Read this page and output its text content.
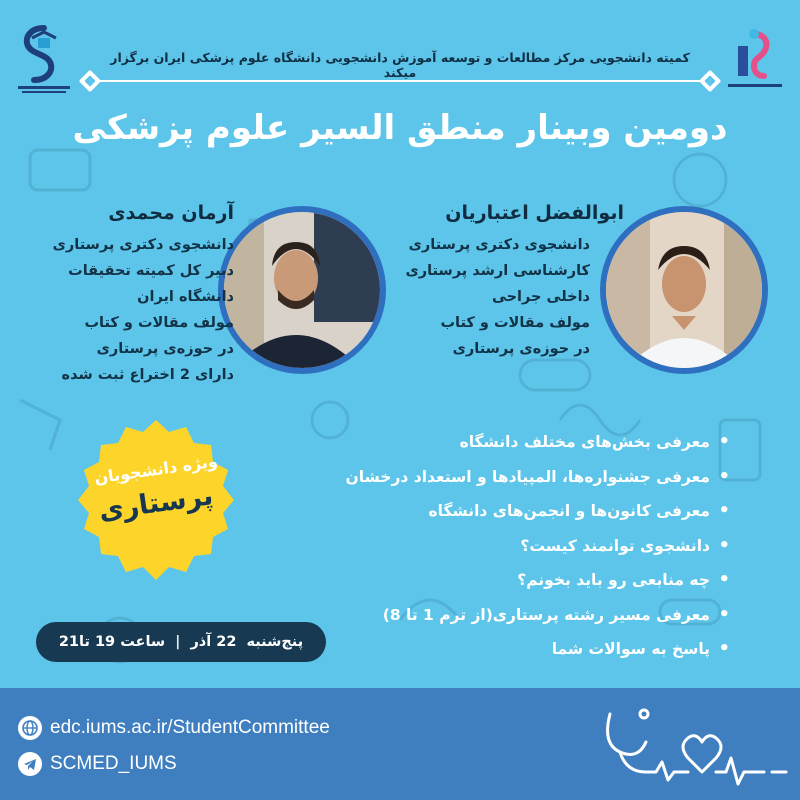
کمیته دانشجویی مرکز مطالعات و توسعه آموزش دانشجویی دانشگاه علوم پزشکی ایران برگزار میکند
دومین وبینار منطق السیر علوم پزشکی
ابوالفضل اعتباریان
دانشجوی دکتری پرستاری
کارشناسی ارشد پرستاری
داخلی جراحی
مولف مقالات و کتاب
در حوزه‌ی پرستاری
آرمان محمدی
دانشجوی دکتری پرستاری
دبیر کل کمیته تحقیقات
دانشگاه ایران
مولف مقالات و کتاب
در حوزه‌ی پرستاری
دارای 2 اختراع ثبت شده
ویژه دانشجویان
پرستاری
• معرفی بخش‌های مختلف دانشگاه
• معرفی جشنواره‌ها، المپیادها و استعداد درخشان
• معرفی کانون‌ها و انجمن‌های دانشگاه
• دانشجوی توانمند کیست؟
• چه منابعی رو باید بخونم؟
• معرفی مسیر رشته پرستاری(از ترم 1 تا 8)
• پاسخ به سوالات شما
پنج‌شنبه
22 آذر
|
ساعت 19 تا21
edc.iums.ac.ir/StudentCommittee
SCMED_IUMS
